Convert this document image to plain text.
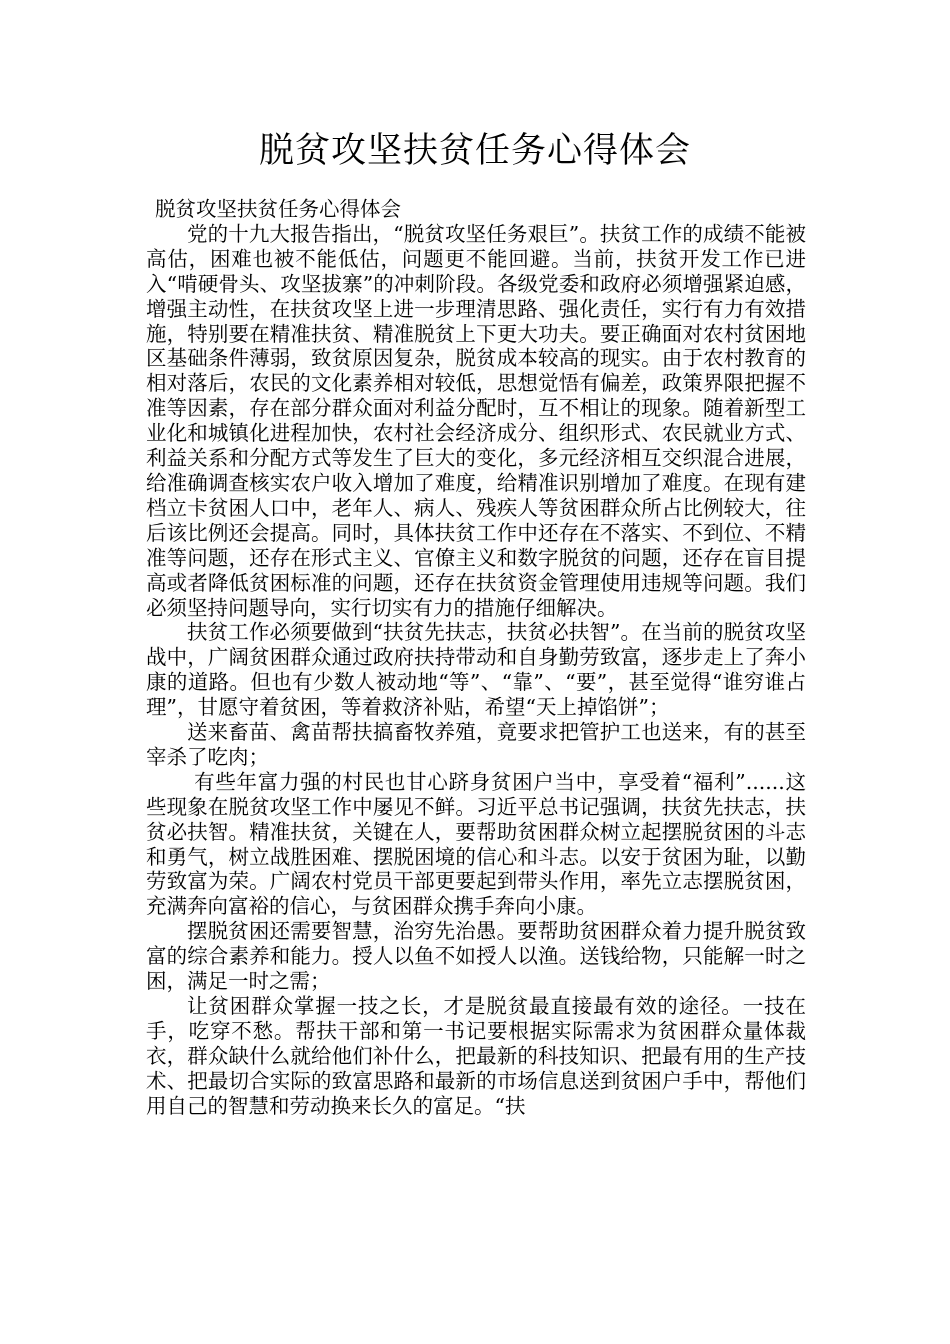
脱贫攻坚扶贫任务心得体会

脱贫攻坚扶贫任务心得体会

党的十九大报告指出，“脱贫攻坚任务艰巨”。扶贫工作的成绩不能被高估，困难也被不能低估，问题更不能回避。当前，扶贫开发工作已进入“啃硬骨头、攻坚拔寨”的冲刺阶段。各级党委和政府必须增强紧迫感，增强主动性，在扶贫攻坚上进一步理清思路、强化责任，实行有力有效措施，特别要在精准扶贫、精准脱贫上下更大功夫。要正确面对农村贫困地区基础条件薄弱，致贫原因复杂，脱贫成本较高的现实。由于农村教育的相对落后，农民的文化素养相对较低，思想觉悟有偏差，政策界限把握不准等因素，存在部分群众面对利益分配时，互不相让的现象。随着新型工业化和城镇化进程加快，农村社会经济成分、组织形式、农民就业方式、利益关系和分配方式等发生了巨大的变化，多元经济相互交织混合进展，给准确调查核实农户收入增加了难度，给精准识别增加了难度。在现有建档立卡贫困人口中，老年人、病人、残疾人等贫困群众所占比例较大，往后该比例还会提高。同时，具体扶贫工作中还存在不落实、不到位、不精准等问题，还存在形式主义、官僚主义和数字脱贫的问题，还存在盲目提高或者降低贫困标准的问题，还存在扶贫资金管理使用违规等问题。我们必须坚持问题导向，实行切实有力的措施仔细解决。

扶贫工作必须要做到“扶贫先扶志，扶贫必扶智”。在当前的脱贫攻坚战中，广阔贫困群众通过政府扶持带动和自身勤劳致富，逐步走上了奔小康的道路。但也有少数人被动地“等”、“靠”、“要”，甚至觉得“谁穷谁占理”，甘愿守着贫困，等着救济补贴，希望“天上掉馅饼”；

送来畜苗、禽苗帮扶搞畜牧养殖，竟要求把管护工也送来，有的甚至宰杀了吃肉；

有些年富力强的村民也甘心跻身贫困户当中，享受着“福利”......这些现象在脱贫攻坚工作中屡见不鲜。习近平总书记强调，扶贫先扶志，扶贫必扶智。精准扶贫，关键在人，要帮助贫困群众树立起摆脱贫困的斗志和勇气，树立战胜困难、摆脱困境的信心和斗志。以安于贫困为耻，以勤劳致富为荣。广阔农村党员干部更要起到带头作用，率先立志摆脱贫困，充满奔向富裕的信心，与贫困群众携手奔向小康。

摆脱贫困还需要智慧，治穷先治愚。要帮助贫困群众着力提升脱贫致富的综合素养和能力。授人以鱼不如授人以渔。送钱给物，只能解一时之困，满足一时之需；

让贫困群众掌握一技之长，才是脱贫最直接最有效的途径。一技在手，吃穿不愁。帮扶干部和第一书记要根据实际需求为贫困群众量体裁衣，群众缺什么就给他们补什么，把最新的科技知识、把最有用的生产技术、把最切合实际的致富思路和最新的市场信息送到贫困户手中，帮他们用自己的智慧和劳动换来长久的富足。“扶
